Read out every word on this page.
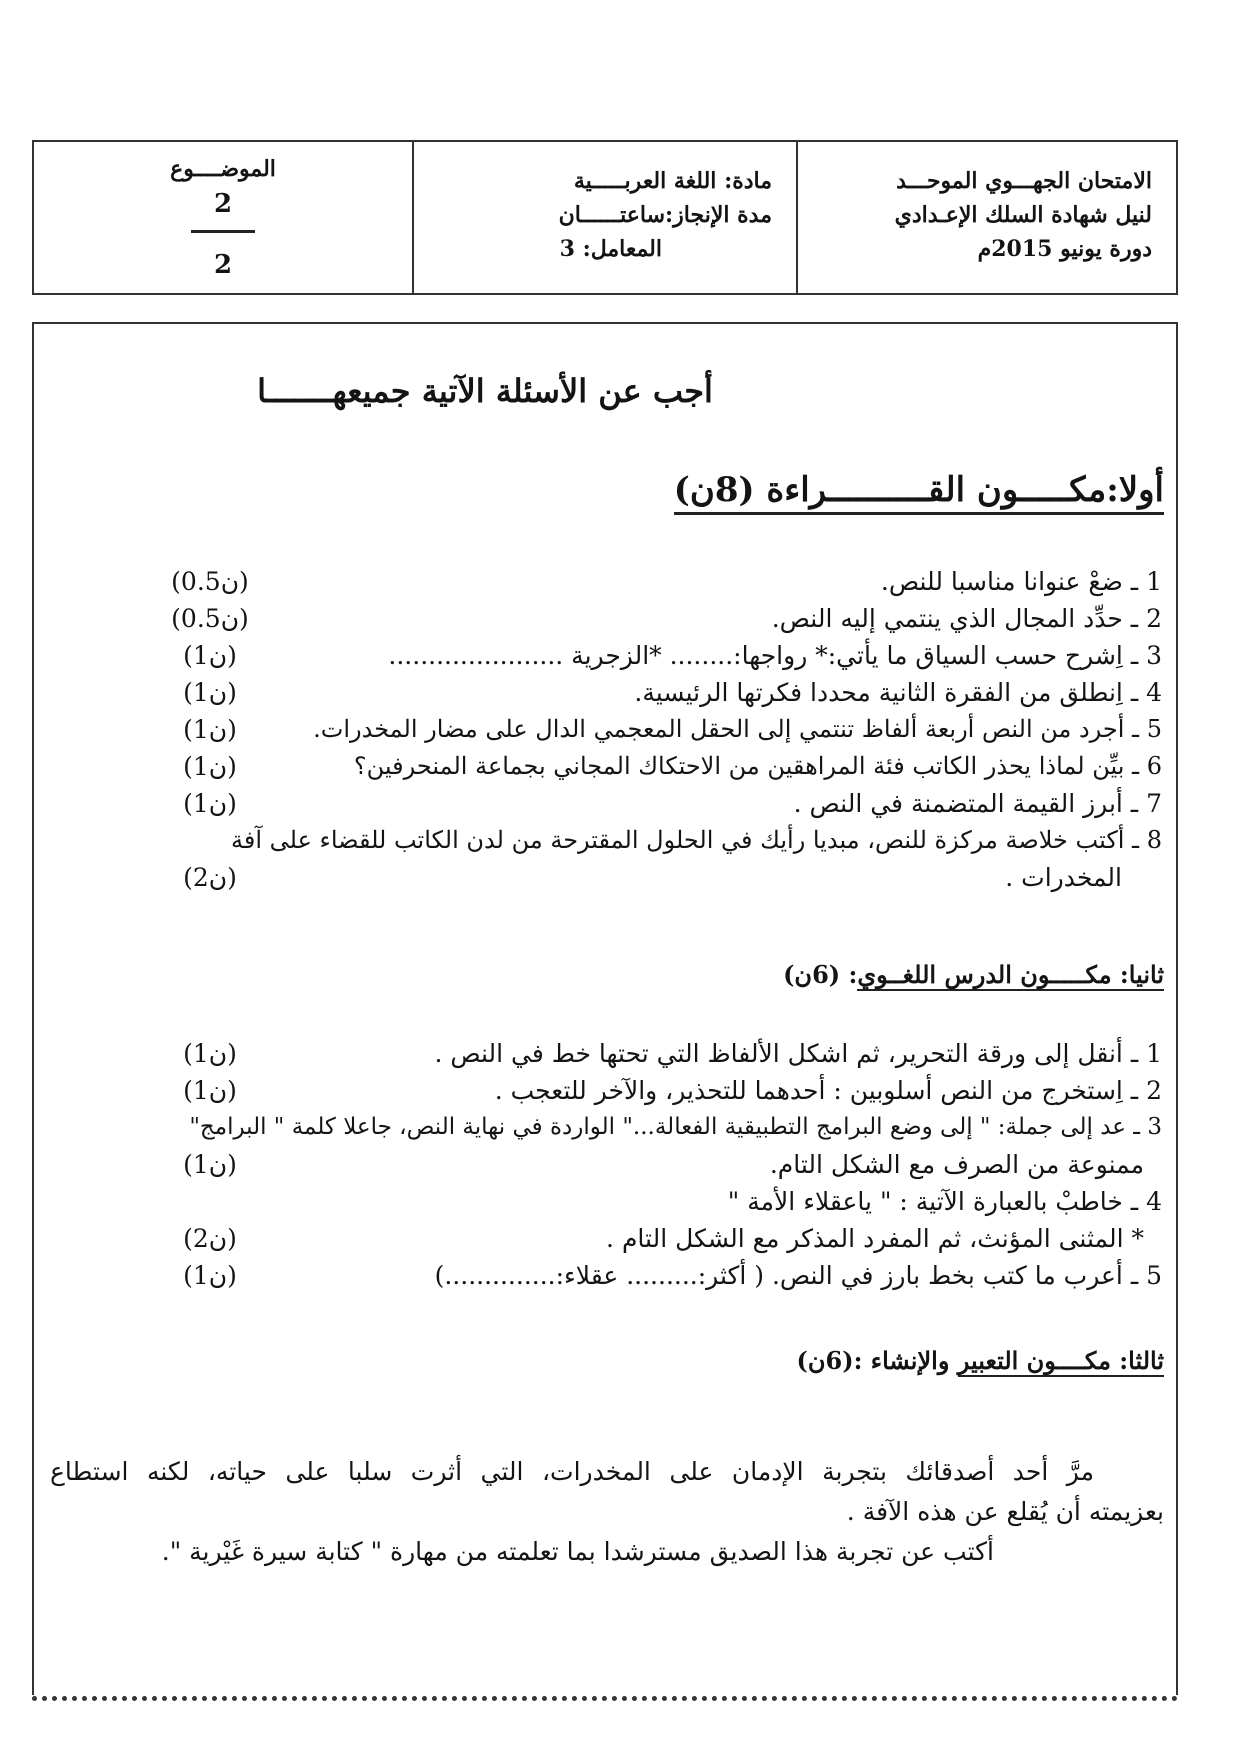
الامتحان الجهـــوي الموحـــد
لنيل شهادة السلك الإعـدادي
دورة يونيو 2015م
مادة: اللغة العربـــــية
مدة الإنجاز:ساعتــــــان
المعامل: 3
الموضــــوع
2
2
أجب عن الأسئلة الآتية جميعهـــــــا
أولا:مكـــــون القــــــــــراءة (8ن)
(0.5ن)	1 ـ ضعْ عنوانا مناسبا للنص.
(0.5ن)	2 ـ حدِّد المجال الذي ينتمي إليه النص.
(1ن)	3 ـ اِشرح حسب السياق ما يأتي:* رواجها:........ *الزجرية ......................
(1ن)	4 ـ اِنطلق من الفقرة الثانية محددا فكرتها الرئيسية.
(1ن)	5 ـ أجرد من النص أربعة ألفاظ تنتمي إلى الحقل المعجمي الدال على مضار المخدرات.
(1ن)	6 ـ بيِّن لماذا يحذر الكاتب فئة المراهقين من الاحتكاك المجاني بجماعة المنحرفين؟
(1ن)	7 ـ أبرز القيمة المتضمنة في النص .
8 ـ أكتب خلاصة مركزة للنص، مبديا رأيك في الحلول المقترحة من لدن الكاتب للقضاء على آفة
(2ن)	المخدرات .
ثانيا: مكـــــون الدرس اللغــوي: (6ن)
(1ن)	1 ـ أنقل إلى ورقة التحرير، ثم اشكل الألفاظ التي تحتها خط في النص .
(1ن)	2 ـ اِستخرج من النص أسلوبين : أحدهما للتحذير، والآخر للتعجب .
3 ـ عد إلى جملة: " إلى وضع البرامج التطبيقية الفعالة..." الواردة في نهاية النص، جاعلا كلمة " البرامج"
(1ن)	ممنوعة من الصرف مع الشكل التام.
4 ـ خاطبْ بالعبارة الآتية : " ياعقلاء الأمة "
(2ن)	* المثنى المؤنث، ثم المفرد المذكر مع الشكل التام .
(1ن)	5 ـ أعرب ما كتب بخط بارز في النص. ( أكثر:......... عقلاء:..............)
ثالثا: مكــــون التعبير والإنشاء :(6ن)
مرَّ أحد أصدقائك بتجربة الإدمان على المخدرات، التي أثرت سلبا على حياته، لكنه استطاع
بعزيمته أن يُقلع عن هذه الآفة .
أكتب عن تجربة هذا الصديق مسترشدا بما تعلمته من مهارة " كتابة سيرة غَيْرية ".
